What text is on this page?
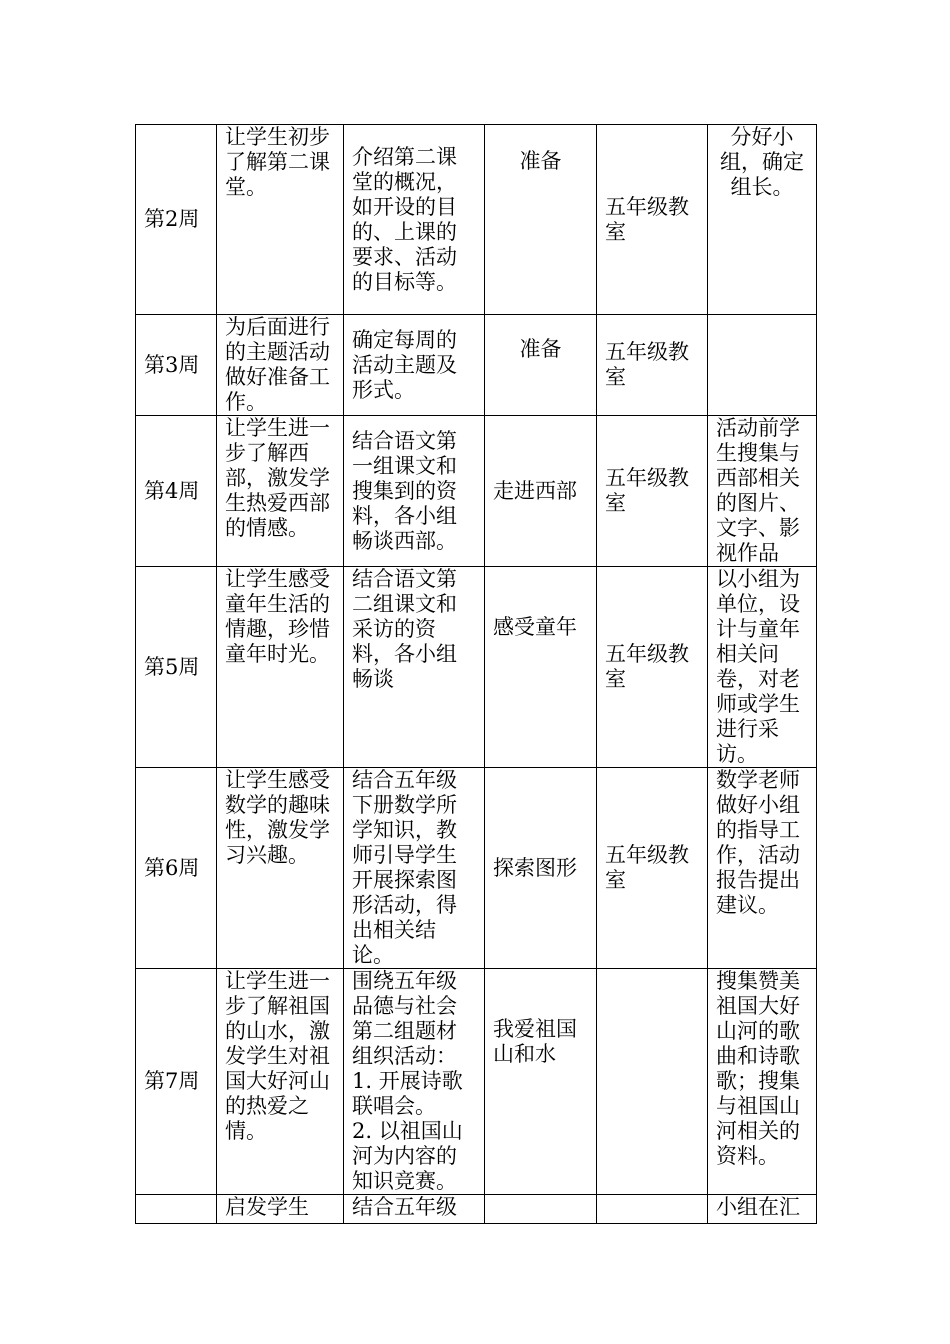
第2周	让学生初步了解第二课堂。	介绍第二课堂的概况，如开设的目的、上课的要求、活动的目标等。	准备	五年级教室	分好小组，确定组长。
第3周	为后面进行的主题活动做好准备工作。	确定每周的活动主题及形式。	准备	五年级教室	
第4周	让学生进一步了解西部，激发学生热爱西部的情感。	结合语文第一组课文和搜集到的资料，各小组畅谈西部。	走进西部	五年级教室	活动前学生搜集与西部相关的图片、文字、影视作品
第5周	让学生感受童年生活的情趣，珍惜童年时光。	结合语文第二组课文和采访的资料，各小组畅谈	感受童年	五年级教室	以小组为单位，设计与童年相关问卷，对老师或学生进行采访。
第6周	让学生感受数学的趣味性，激发学习兴趣。	结合五年级下册数学所学知识，教师引导学生开展探索图形活动，得出相关结论。	探索图形	五年级教室	数学老师做好小组的指导工作，活动报告提出建议。
第7周	让学生进一步了解祖国的山水，激发学生对祖国大好河山的热爱之情。	围绕五年级品德与社会第二组题材组织活动：
1. 开展诗歌联唱会。
2. 以祖国山河为内容的知识竞赛。	我爱祖国山和水		搜集赞美祖国大好山河的歌曲和诗歌歌；搜集与祖国山河相关的资料。
	启发学生	结合五年级			小组在汇
